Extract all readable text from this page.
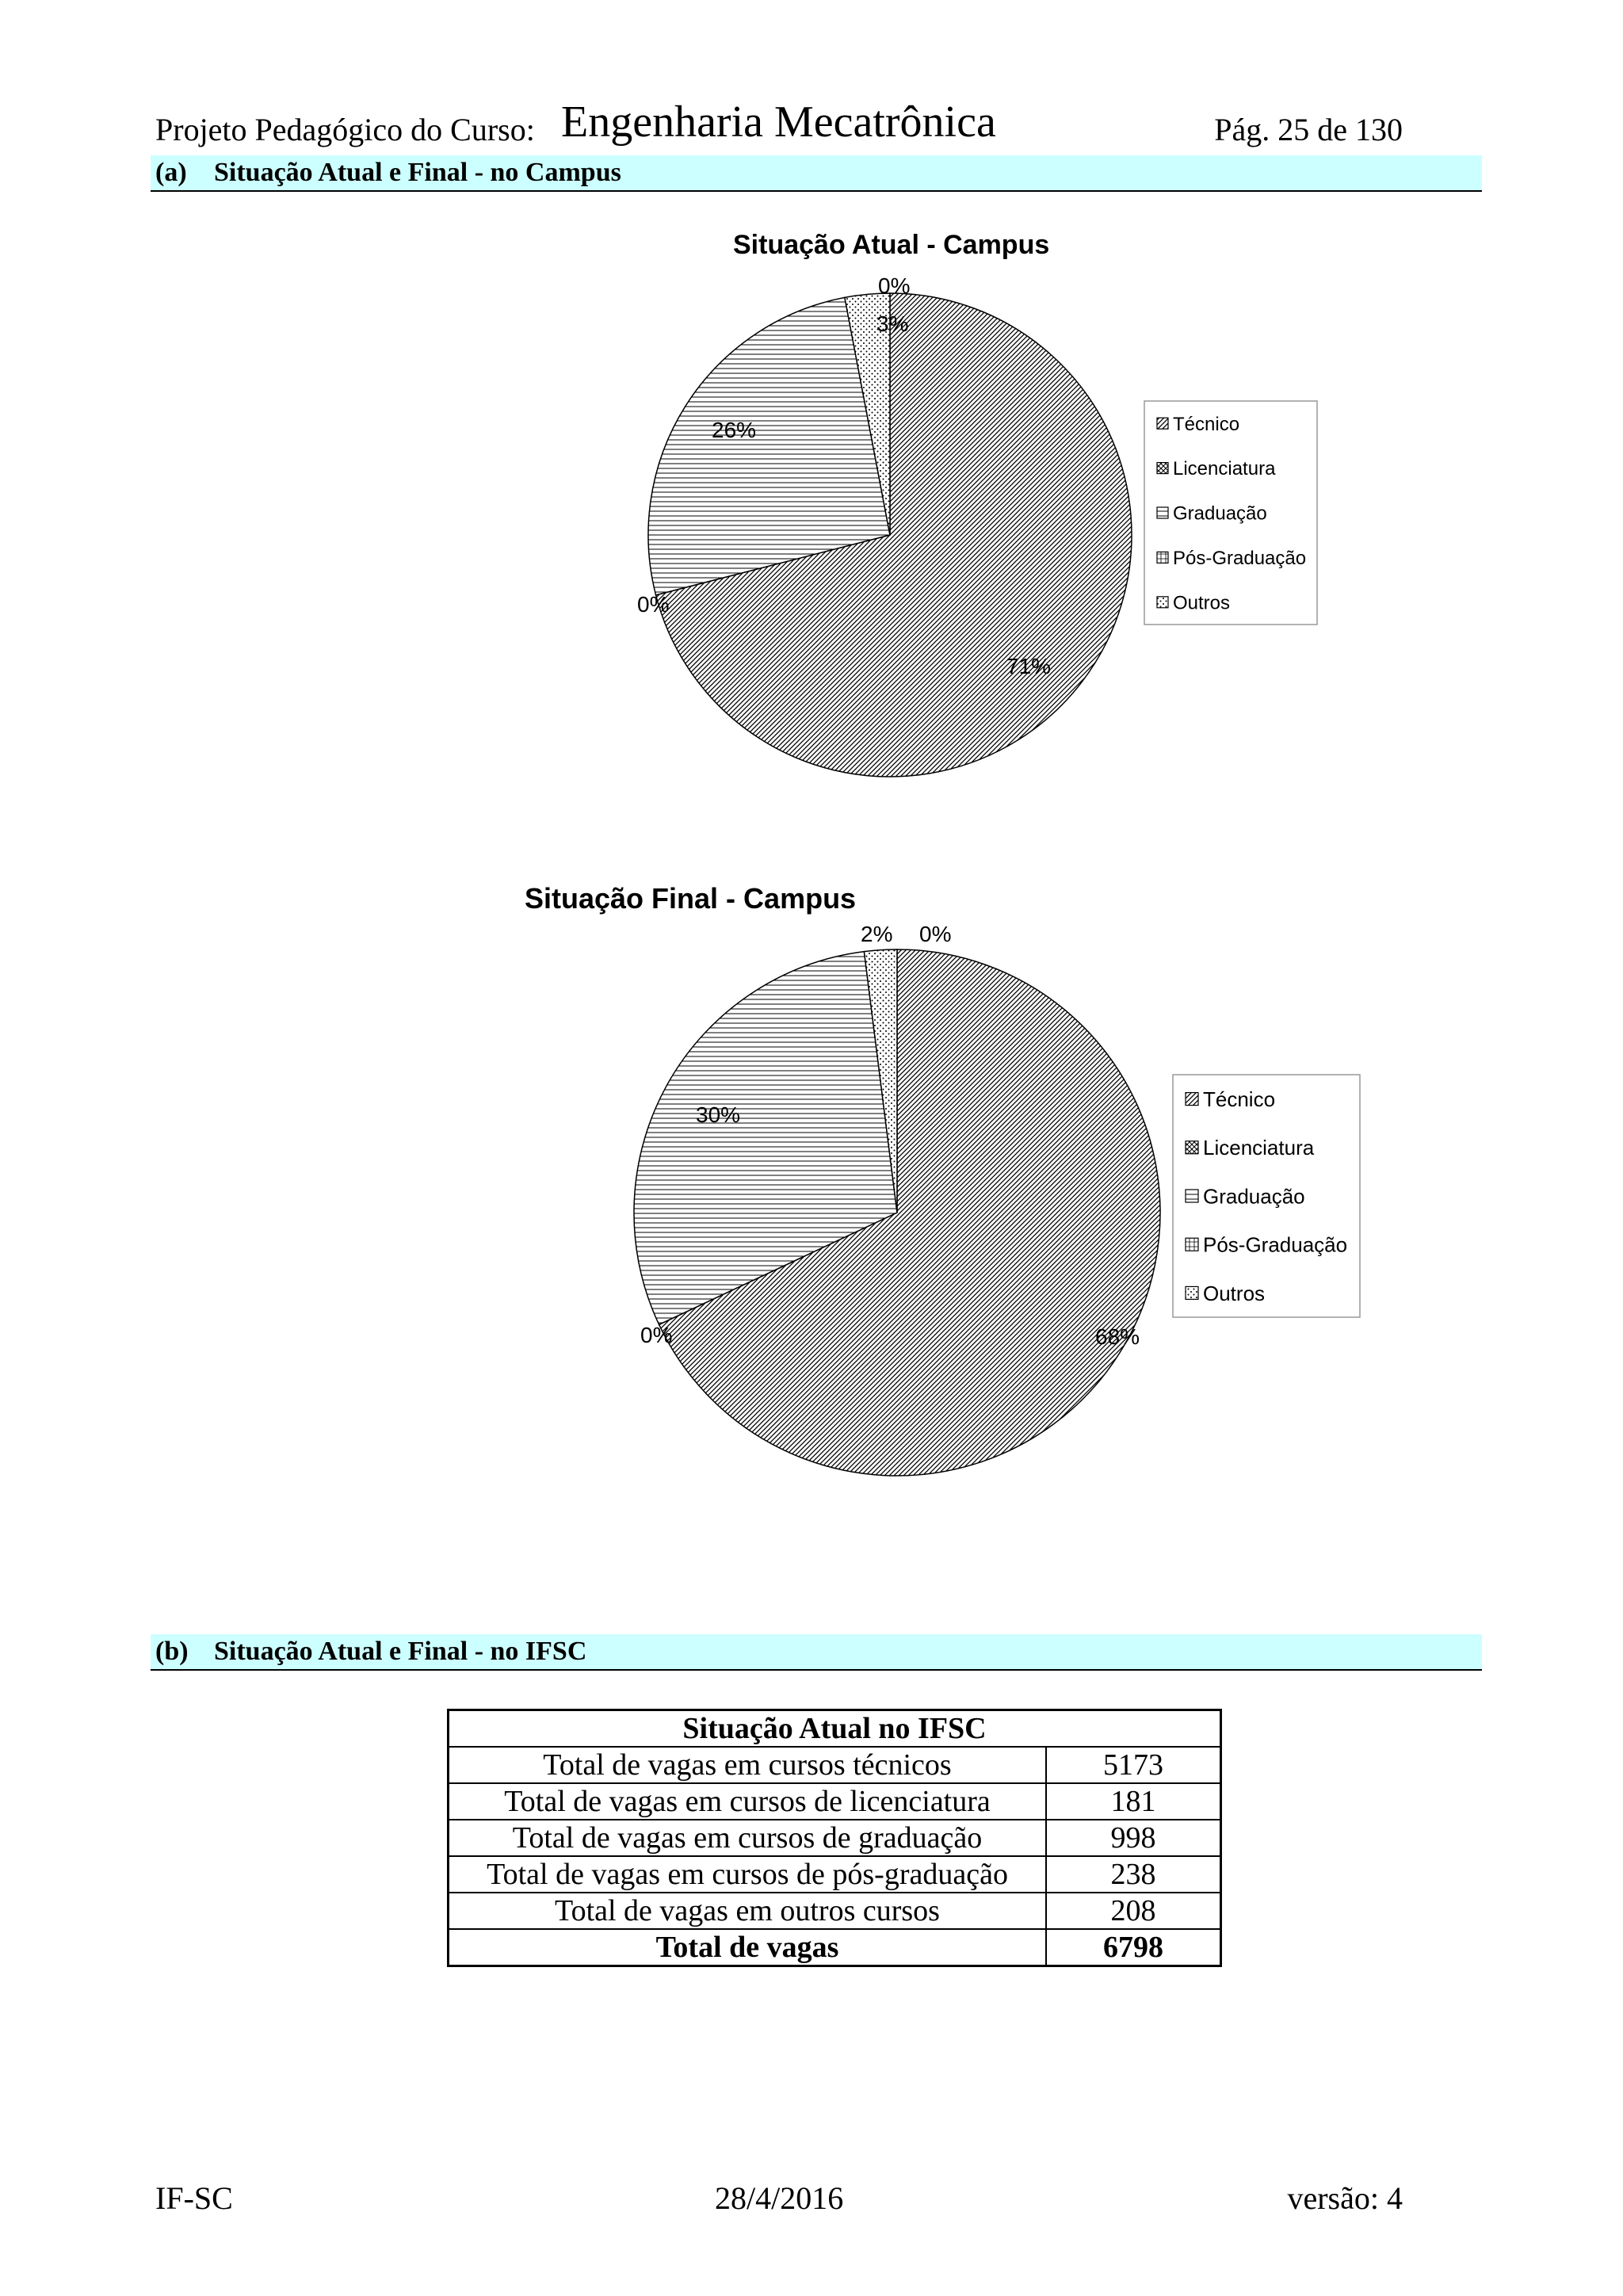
Projeto Pedagógico do Curso: Engenharia Mecatrônica	Pág. 25 de 130
(a) Situação Atual e Final - no Campus
Situação Atual - Campus
71%
0%
26%
0%
3%
Técnico
Licenciatura
Graduação
Pós-Graduação
Outros
Situação Final - Campus
68%
0%
30%
0%
2%
Técnico
Licenciatura
Graduação
Pós-Graduação
Outros
(b) Situação Atual e Final - no IFSC
Situação Atual no IFSC	
Total de vagas em cursos técnicos	5173
Total de vagas em cursos de licenciatura	181
Total de vagas em cursos de graduação	998
Total de vagas em cursos de pós-graduação	238
Total de vagas em outros cursos	208
Total de vagas	6798
IF-SC	28/4/2016	versão: 4
